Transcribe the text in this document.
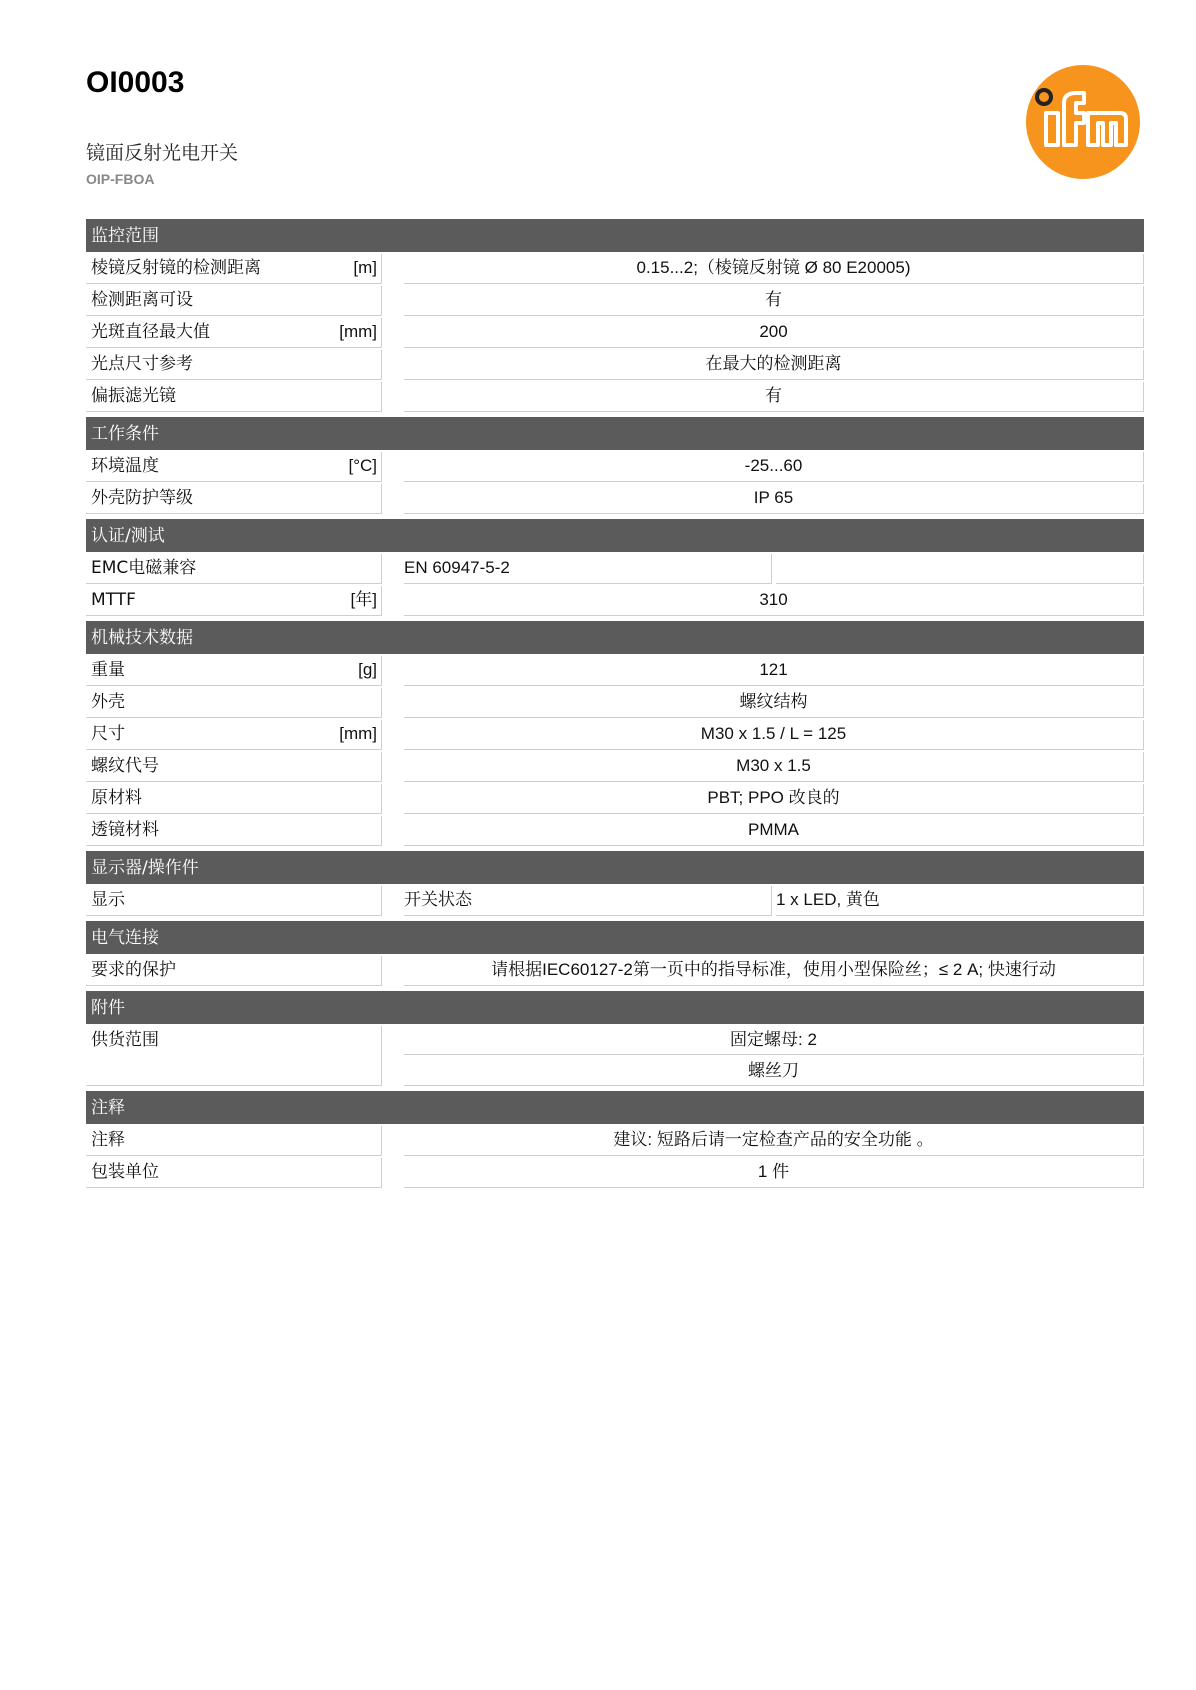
OI0003
镜面反射光电开关
OIP-FBOA
监控范围
棱镜反射镜的检测距离	[m]	0.15...2;（棱镜反射镜 Ø 80 E20005)
检测距离可设	有
光斑直径最大值	[mm]	200
光点尺寸参考	在最大的检测距离
偏振滤光镜	有
工作条件
环境温度	[°C]	-25...60
外壳防护等级	IP 65
认证/测试
EMC电磁兼容	EN 60947-5-2
MTTF	[年]	310
机械技术数据
重量	[g]	121
外壳	螺纹结构
尺寸	[mm]	M30 x 1.5 / L = 125
螺纹代号	M30 x 1.5
原材料	PBT; PPO 改良的
透镜材料	PMMA
显示器/操作件
显示	开关状态	1 x LED, 黄色
电气连接
要求的保护	请根据IEC60127-2第一页中的指导标准，使用小型保险丝；≤ 2 A; 快速行动
附件
供货范围	固定螺母: 2
螺丝刀
注释
注释	建议: 短路后请一定检查产品的安全功能 。
包装单位	1 件
